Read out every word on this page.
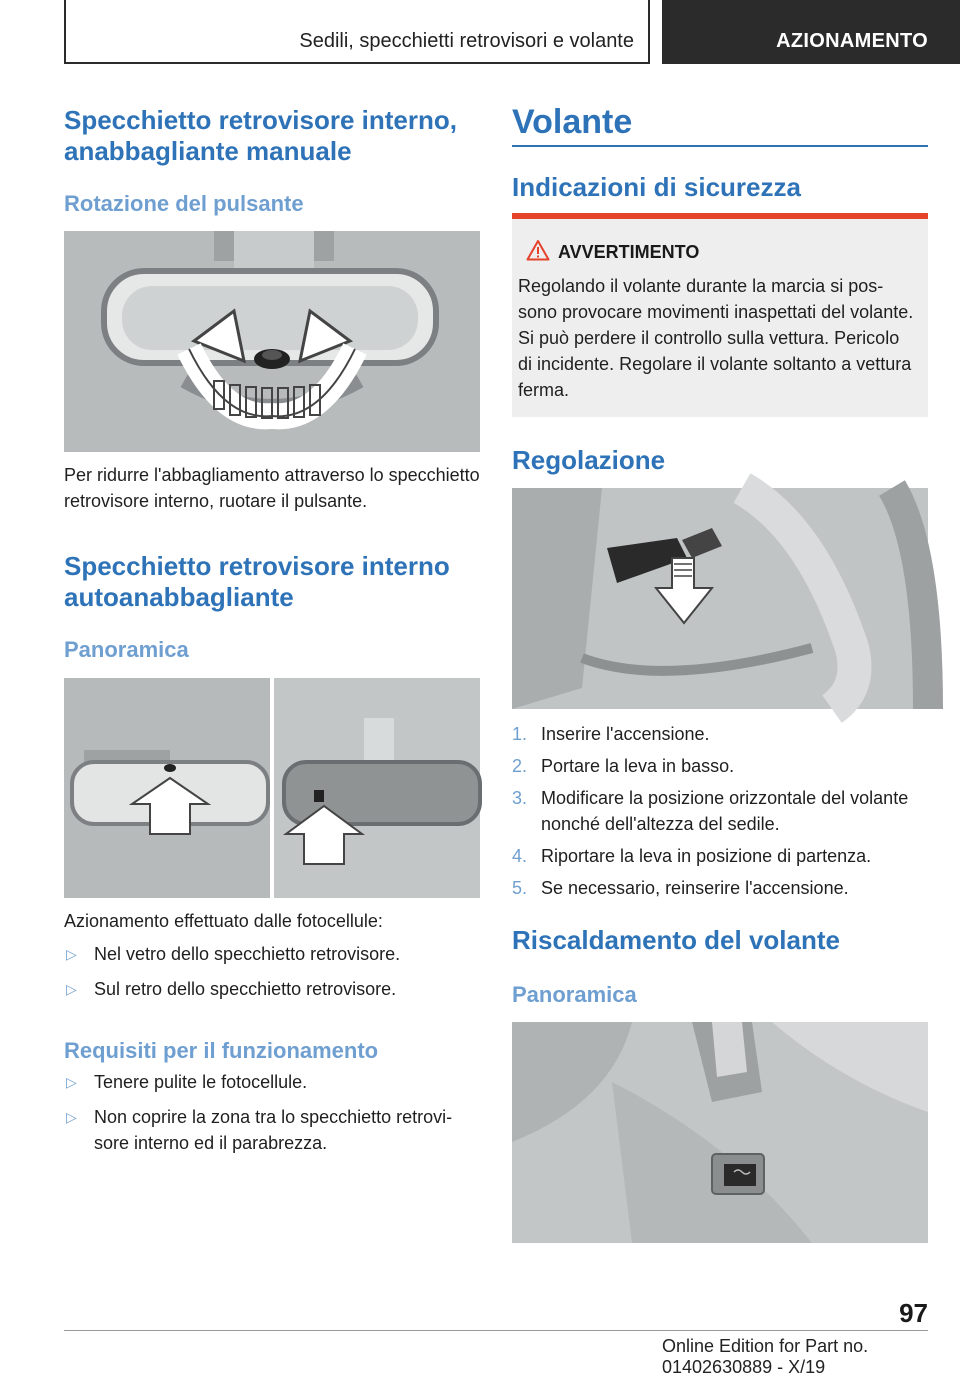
Sedili, specchietti retrovisori e volante	AZIONAMENTO
Specchietto retrovisore interno, anabbagliante manuale
Rotazione del pulsante
Per ridurre l'abbagliamento attraverso lo specchietto retrovisore interno, ruotare il pulsante.
Specchietto retrovisore interno autoanabbagliante
Panoramica
Azionamento effettuato dalle fotocellule:
▷ Nel vetro dello specchietto retrovisore.
▷ Sul retro dello specchietto retrovisore.
Requisiti per il funzionamento
▷ Tenere pulite le fotocellule.
▷ Non coprire la zona tra lo specchietto retrovisore interno ed il parabrezza.
Volante
Indicazioni di sicurezza
AVVERTIMENTO
Regolando il volante durante la marcia si possono provocare movimenti inaspettati del volante. Si può perdere il controllo sulla vettura. Pericolo di incidente. Regolare il volante soltanto a vettura ferma.
Regolazione
1. Inserire l'accensione.
2. Portare la leva in basso.
3. Modificare la posizione orizzontale del volante nonché dell'altezza del sedile.
4. Riportare la leva in posizione di partenza.
5. Se necessario, reinserire l'accensione.
Riscaldamento del volante
Panoramica
97
Online Edition for Part no. 01402630889 - X/19
